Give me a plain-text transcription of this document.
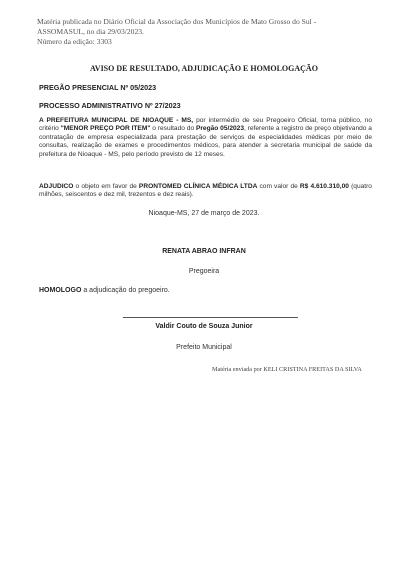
Matéria publicada no Diário Oficial da Associação dos Municípios de Mato Grosso do Sul -
ASSOMASUL, no dia 29/03/2023.
Número da edição: 3303
AVISO DE RESULTADO, ADJUDICAÇÃO E HOMOLOGAÇÃO
PREGÃO PRESENCIAL Nº 05/2023
PROCESSO ADMINISTRATIVO Nº 27/2023
A PREFEITURA MUNICIPAL DE NIOAQUE - MS, por intermédio de seu Pregoeiro Oficial, torna público, no critério "MENOR PREÇO POR ITEM" o resultado do Pregão 05/2023, referente a registro de preço objetivando a contratação de empresa especializada para prestação de serviços de especialidades médicas por meio de consultas, realização de exames e procedimentos médicos, para atender a secretaria municipal de saúde da prefeitura de Nioaque - MS, pelo período previsto de 12 meses.
ADJUDICO o objeto em favor de PRONTOMED CLÍNICA MÉDICA LTDA com valor de R$ 4.610.310,00 (quatro milhões, seiscentos e dez mil, trezentos e dez reais).
Nioaque-MS, 27 de março de 2023.
RENATA ABRAO INFRAN
Pregoeira
HOMOLOGO a adjudicação do pregoeiro.
Valdir Couto de Souza Junior
Prefeito Municipal
Matéria enviada por KELI CRISTINA FREITAS DA SILVA
